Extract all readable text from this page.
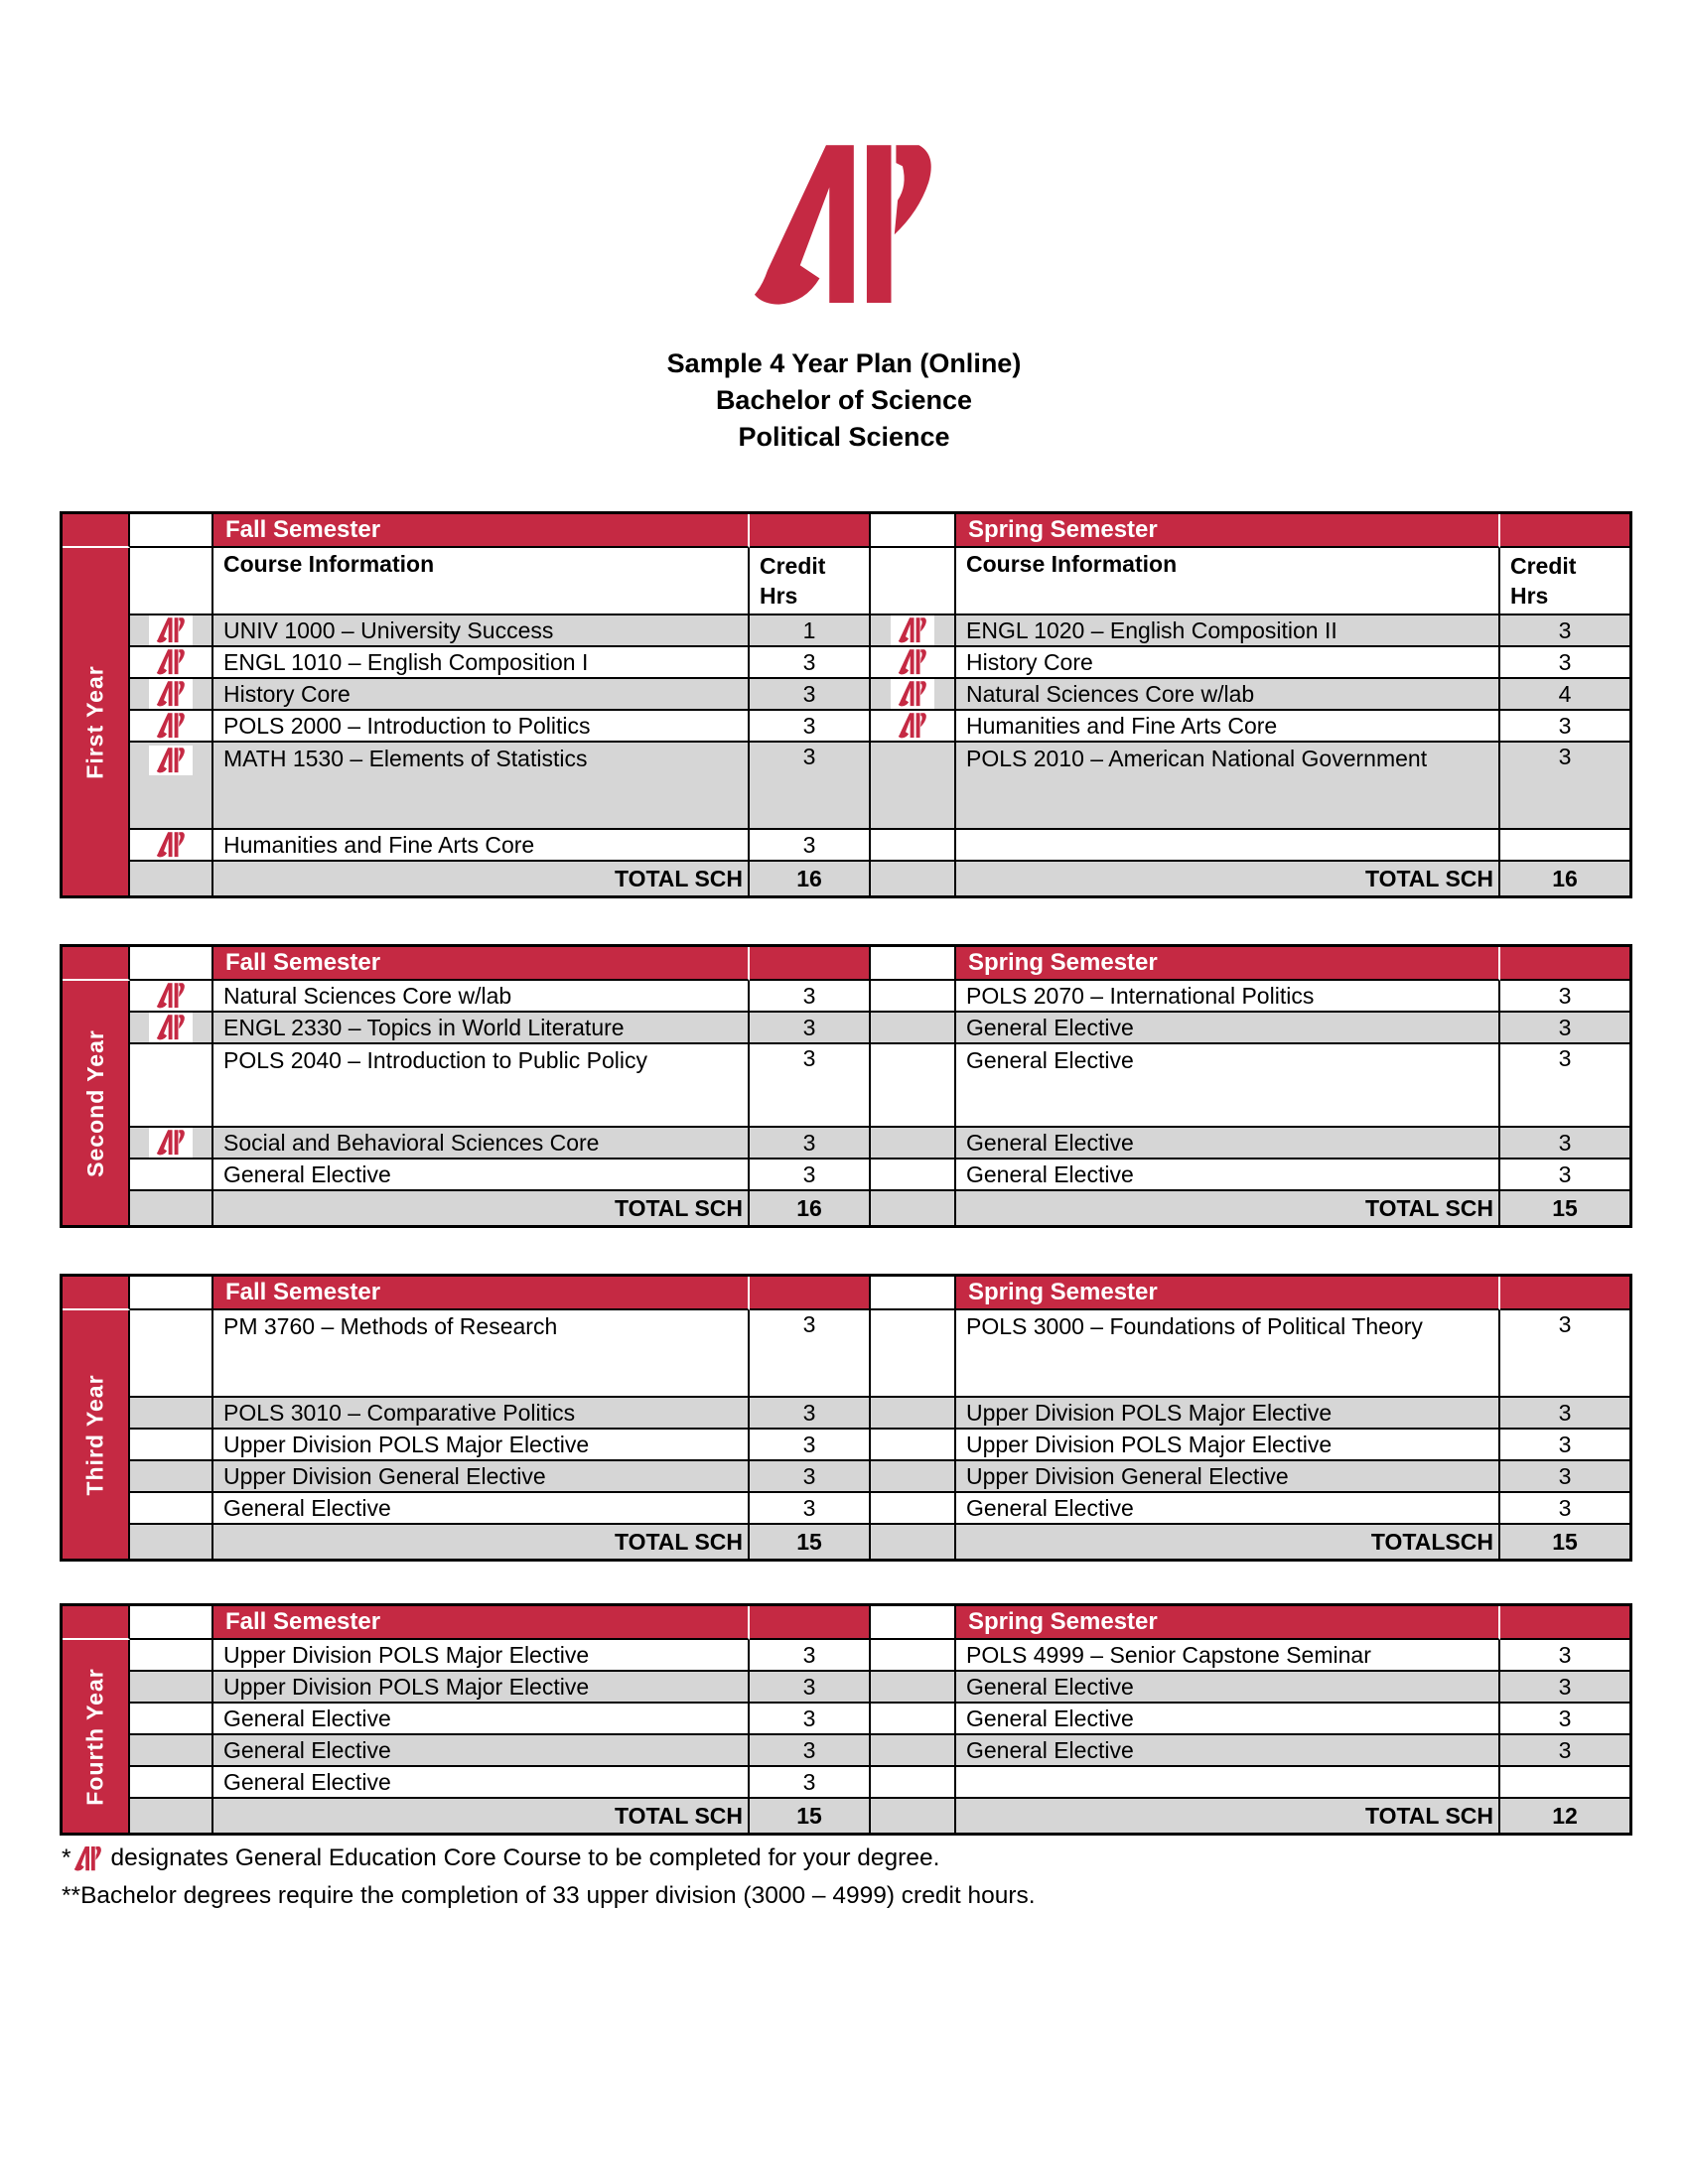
Sample 4 Year Plan (Online)
Bachelor of Science
Political Science
Fall Semester	Spring Semester
First Year
Course Information	Credit Hrs
Course Information	Credit Hrs
UNIV 1000 – University Success	1	ENGL 1020 – English Composition II	3
ENGL 1010 – English Composition I	3	History Core	3
History Core	3	Natural Sciences Core w/lab	4
POLS 2000 – Introduction to Politics	3	Humanities and Fine Arts Core	3
MATH 1530 – Elements of Statistics	3	POLS 2010 – American National Government	3
Humanities and Fine Arts Core	3
TOTAL SCH	16	TOTAL SCH	16
Fall Semester	Spring Semester
Second Year
Natural Sciences Core w/lab	3	POLS 2070 – International Politics	3
ENGL 2330 – Topics in World Literature	3	General Elective	3
POLS 2040 – Introduction to Public Policy	3	General Elective	3
Social and Behavioral Sciences Core	3	General Elective	3
General Elective	3	General Elective	3
TOTAL SCH	16	TOTAL SCH	15
Fall Semester	Spring Semester
Third Year
PM 3760 – Methods of Research	3	POLS 3000 – Foundations of Political Theory	3
POLS 3010 – Comparative Politics	3	Upper Division POLS Major Elective	3
Upper Division POLS Major Elective	3	Upper Division POLS Major Elective	3
Upper Division General Elective	3	Upper Division General Elective	3
General Elective	3	General Elective	3
TOTAL SCH	15	TOTALSCH	15
Fall Semester	Spring Semester
Fourth Year
Upper Division POLS Major Elective	3	POLS 4999 – Senior Capstone Seminar	3
Upper Division POLS Major Elective	3	General Elective	3
General Elective	3	General Elective	3
General Elective	3	General Elective	3
General Elective	3
TOTAL SCH	15	TOTAL SCH	12
* designates General Education Core Course to be completed for your degree.
** Bachelor degrees require the completion of 33 upper division (3000 – 4999) credit hours.
